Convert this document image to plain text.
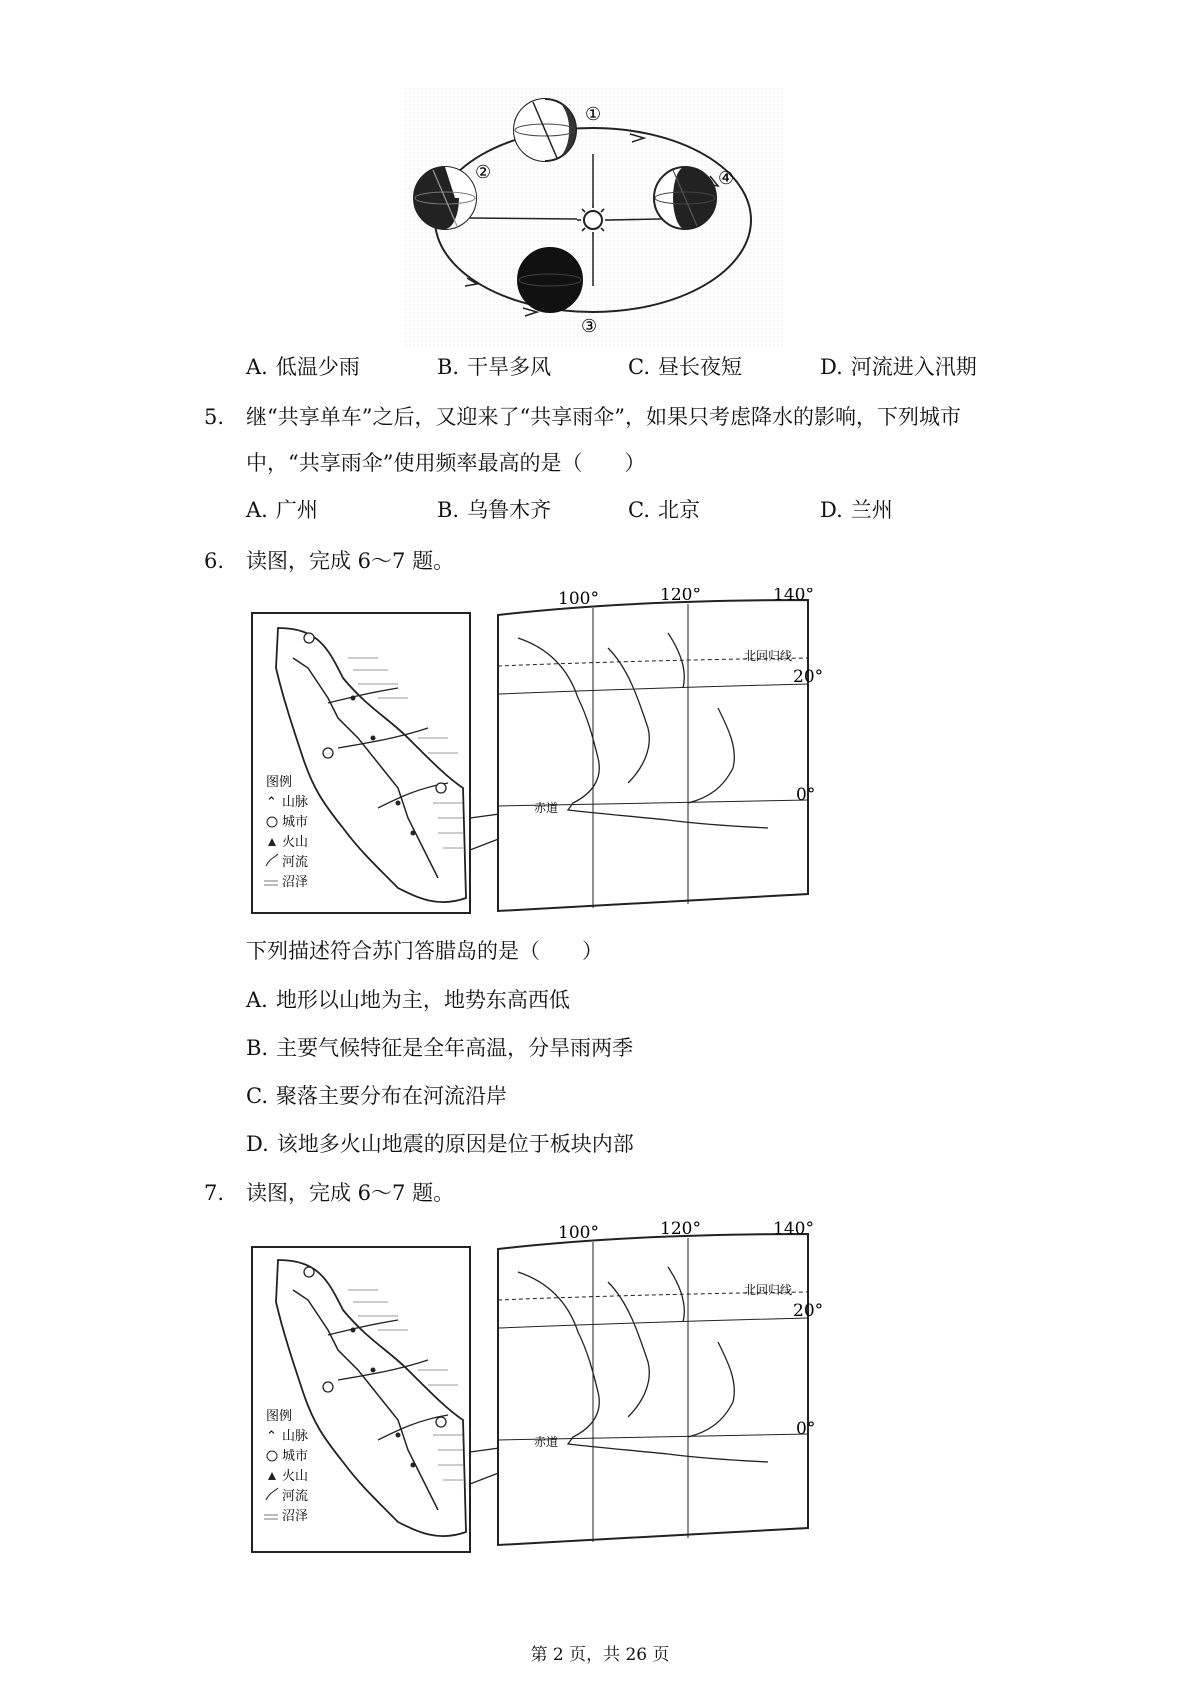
①
②
③
④
A. 低温少雨	B. 干旱多风	C. 昼长夜短	D. 河流进入汛期
5. 继“共享单车”之后，又迎来了“共享雨伞”，如果只考虑降水的影响，下列城市
中，“共享雨伞”使用频率最高的是（　　）
A. 广州	B. 乌鲁木齐	C. 北京	D. 兰州
6. 读图，完成 6～7 题。
图例
⌃ 山脉
城市
火山
河流
沼泽
100°	120°	140°
北回归线
20°
0°
赤道
下列描述符合苏门答腊岛的是（　　）
A. 地形以山地为主，地势东高西低
B. 主要气候特征是全年高温，分旱雨两季
C. 聚落主要分布在河流沿岸
D. 该地多火山地震的原因是位于板块内部
7. 读图，完成 6～7 题。
图例
⌃ 山脉
城市
火山
河流
沼泽
100°	120°	140°
北回归线
20°
0°
赤道
第 2 页，共 26 页
